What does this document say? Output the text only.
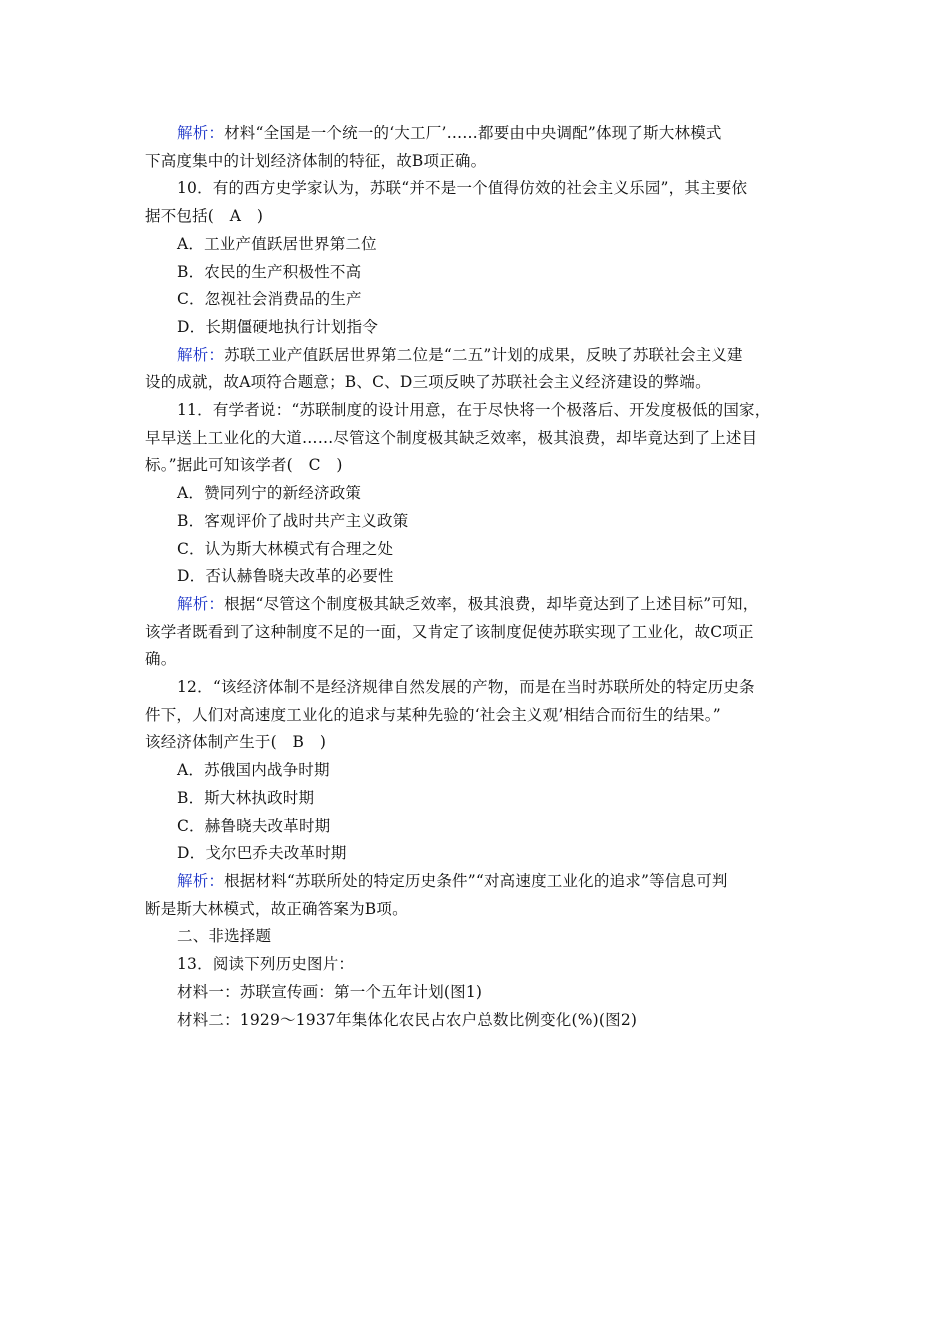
解析：材料“全国是一个统一的‘大工厂’……都要由中央调配”体现了斯大林模式
下高度集中的计划经济体制的特征，故B项正确。
10．有的西方史学家认为，苏联“并不是一个值得仿效的社会主义乐园”，其主要依
据不包括(　A　)
A．工业产值跃居世界第二位
B．农民的生产积极性不高
C．忽视社会消费品的生产
D．长期僵硬地执行计划指令
解析：苏联工业产值跃居世界第二位是“二五”计划的成果，反映了苏联社会主义建
设的成就，故A项符合题意；B、C、D三项反映了苏联社会主义经济建设的弊端。
11．有学者说：“苏联制度的设计用意，在于尽快将一个极落后、开发度极低的国家，
早早送上工业化的大道……尽管这个制度极其缺乏效率，极其浪费，却毕竟达到了上述目
标。”据此可知该学者(　C　)
A．赞同列宁的新经济政策
B．客观评价了战时共产主义政策
C．认为斯大林模式有合理之处
D．否认赫鲁晓夫改革的必要性
解析：根据“尽管这个制度极其缺乏效率，极其浪费，却毕竟达到了上述目标”可知，
该学者既看到了这种制度不足的一面，又肯定了该制度促使苏联实现了工业化，故C项正
确。
12．“该经济体制不是经济规律自然发展的产物，而是在当时苏联所处的特定历史条
件下，人们对高速度工业化的追求与某种先验的‘社会主义观’相结合而衍生的结果。”
该经济体制产生于(　B　)
A．苏俄国内战争时期
B．斯大林执政时期
C．赫鲁晓夫改革时期
D．戈尔巴乔夫改革时期
解析：根据材料“苏联所处的特定历史条件”“对高速度工业化的追求”等信息可判
断是斯大林模式，故正确答案为B项。
二、非选择题
13．阅读下列历史图片：
材料一：苏联宣传画：第一个五年计划(图1)
材料二：1929～1937年集体化农民占农户总数比例变化(%)(图2)
